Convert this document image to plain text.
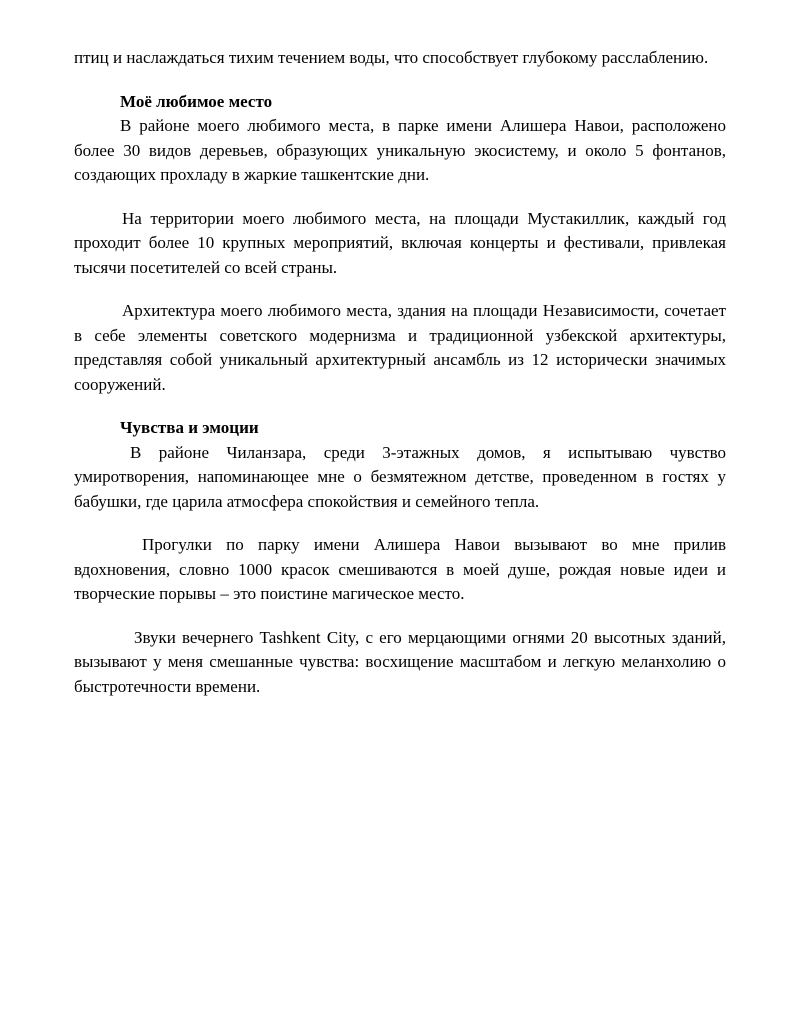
птиц и наслаждаться тихим течением воды, что способствует глубокому расслаблению.

Моё любимое место

В районе моего любимого места, в парке имени Алишера Навои, расположено более 30 видов деревьев, образующих уникальную экосистему, и около 5 фонтанов, создающих прохладу в жаркие ташкентские дни.

На территории моего любимого места, на площади Мустакиллик, каждый год проходит более 10 крупных мероприятий, включая концерты и фестивали, привлекая тысячи посетителей со всей страны.

Архитектура моего любимого места, здания на площади Независимости, сочетает в себе элементы советского модернизма и традиционной узбекской архитектуры, представляя собой уникальный архитектурный ансамбль из 12 исторически значимых сооружений.

Чувства и эмоции

В районе Чиланзара, среди 3-этажных домов, я испытываю чувство умиротворения, напоминающее мне о безмятежном детстве, проведенном в гостях у бабушки, где царила атмосфера спокойствия и семейного тепла.

Прогулки по парку имени Алишера Навои вызывают во мне прилив вдохновения, словно 1000 красок смешиваются в моей душе, рождая новые идеи и творческие порывы – это поистине магическое место.

Звуки вечернего Tashkent City, с его мерцающими огнями 20 высотных зданий, вызывают у меня смешанные чувства: восхищение масштабом и легкую меланхолию о быстротечности времени.
